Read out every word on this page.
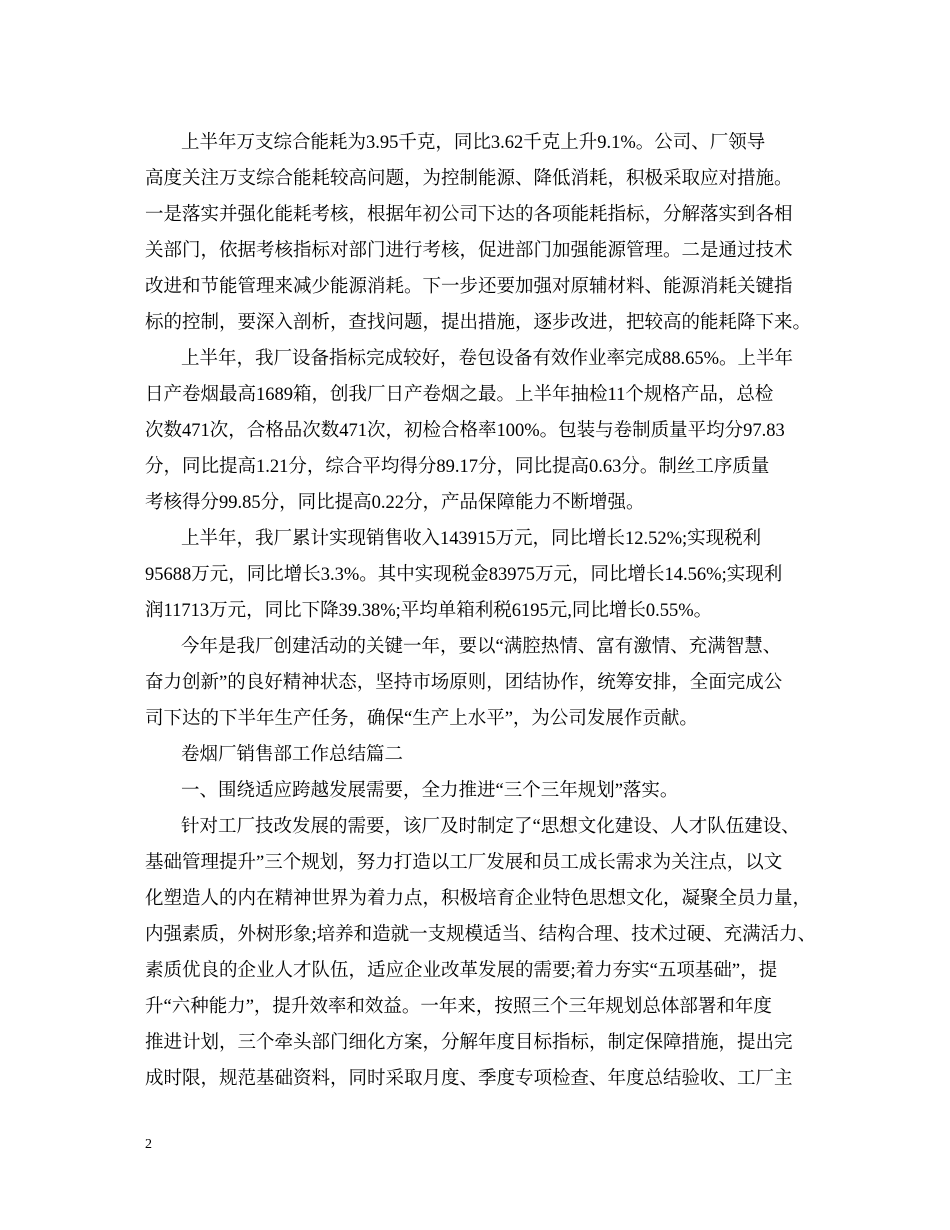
上半年万支综合能耗为3.95千克，同比3.62千克上升9.1%。公司、厂领导
高度关注万支综合能耗较高问题，为控制能源、降低消耗，积极采取应对措施。
一是落实并强化能耗考核，根据年初公司下达的各项能耗指标，分解落实到各相
关部门，依据考核指标对部门进行考核，促进部门加强能源管理。二是通过技术
改进和节能管理来减少能源消耗。下一步还要加强对原辅材料、能源消耗关键指
标的控制，要深入剖析，查找问题，提出措施，逐步改进，把较高的能耗降下来。
上半年，我厂设备指标完成较好，卷包设备有效作业率完成88.65%。上半年
日产卷烟最高1689箱，创我厂日产卷烟之最。上半年抽检11个规格产品，总检
次数471次，合格品次数471次，初检合格率100%。包装与卷制质量平均分97.83
分，同比提高1.21分，综合平均得分89.17分，同比提高0.63分。制丝工序质量
考核得分99.85分，同比提高0.22分，产品保障能力不断增强。
上半年，我厂累计实现销售收入143915万元，同比增长12.52%;实现税利
95688万元，同比增长3.3%。其中实现税金83975万元，同比增长14.56%;实现利
润11713万元，同比下降39.38%;平均单箱利税6195元,同比增长0.55%。
今年是我厂创建活动的关键一年，要以“满腔热情、富有激情、充满智慧、
奋力创新”的良好精神状态，坚持市场原则，团结协作，统筹安排，全面完成公
司下达的下半年生产任务，确保“生产上水平”，为公司发展作贡献。
卷烟厂销售部工作总结篇二
一、围绕适应跨越发展需要，全力推进“三个三年规划”落实。
针对工厂技改发展的需要，该厂及时制定了“思想文化建设、人才队伍建设、
基础管理提升”三个规划，努力打造以工厂发展和员工成长需求为关注点，以文
化塑造人的内在精神世界为着力点，积极培育企业特色思想文化，凝聚全员力量，
内强素质，外树形象;培养和造就一支规模适当、结构合理、技术过硬、充满活力、
素质优良的企业人才队伍，适应企业改革发展的需要;着力夯实“五项基础”，提
升“六种能力”，提升效率和效益。一年来，按照三个三年规划总体部署和年度
推进计划，三个牵头部门细化方案，分解年度目标指标，制定保障措施，提出完
成时限，规范基础资料，同时采取月度、季度专项检查、年度总结验收、工厂主
2
